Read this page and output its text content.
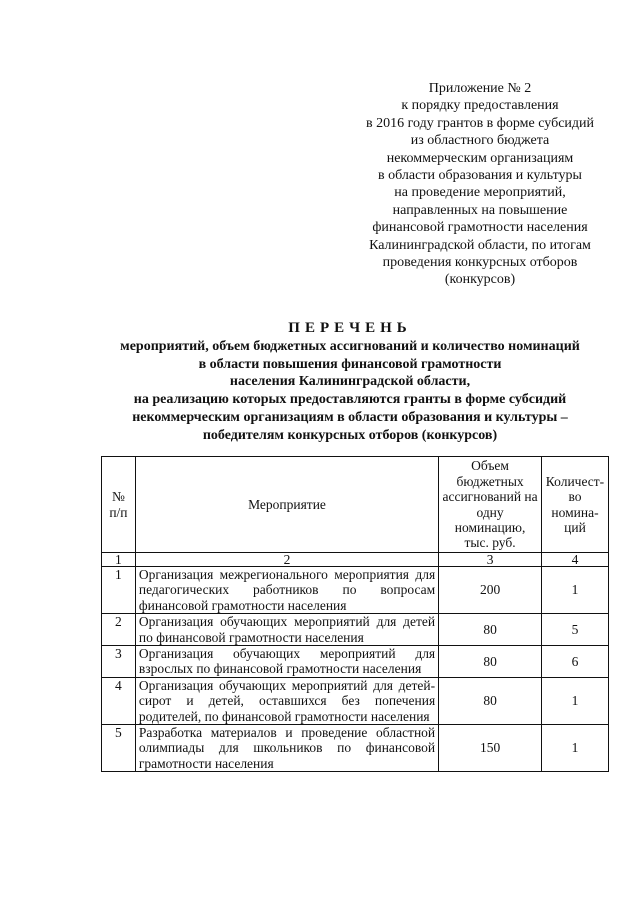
Приложение № 2
к порядку предоставления
в 2016 году грантов в форме субсидий
из областного бюджета
некоммерческим организациям
в области образования и культуры
на проведение мероприятий,
направленных на повышение
финансовой грамотности населения
Калининградской области, по итогам
проведения конкурсных отборов
(конкурсов)
ПЕРЕЧЕНЬ
мероприятий, объем бюджетных ассигнований и количество номинаций
в области повышения финансовой грамотности
населения Калининградской области,
на реализацию которых предоставляются гранты в форме субсидий
некоммерческим организациям в области образования и культуры –
победителям конкурсных отборов (конкурсов)
№ п/п	Мероприятие	Объем бюджетных ассигнований на одну номинацию, тыс. руб.	Количест-во номина-ций
1	2	3	4
1	Организация межрегионального мероприятия для педагогических работников по вопросам финансовой грамотности населения	200	1
2	Организация обучающих мероприятий для детей по финансовой грамотности населения	80	5
3	Организация обучающих мероприятий для взрослых по финансовой грамотности населения	80	6
4	Организация обучающих мероприятий для детей-сирот и детей, оставшихся без попечения родителей, по финансовой грамотности населения	80	1
5	Разработка материалов и проведение областной олимпиады для школьников по финансовой грамотности населения	150	1
